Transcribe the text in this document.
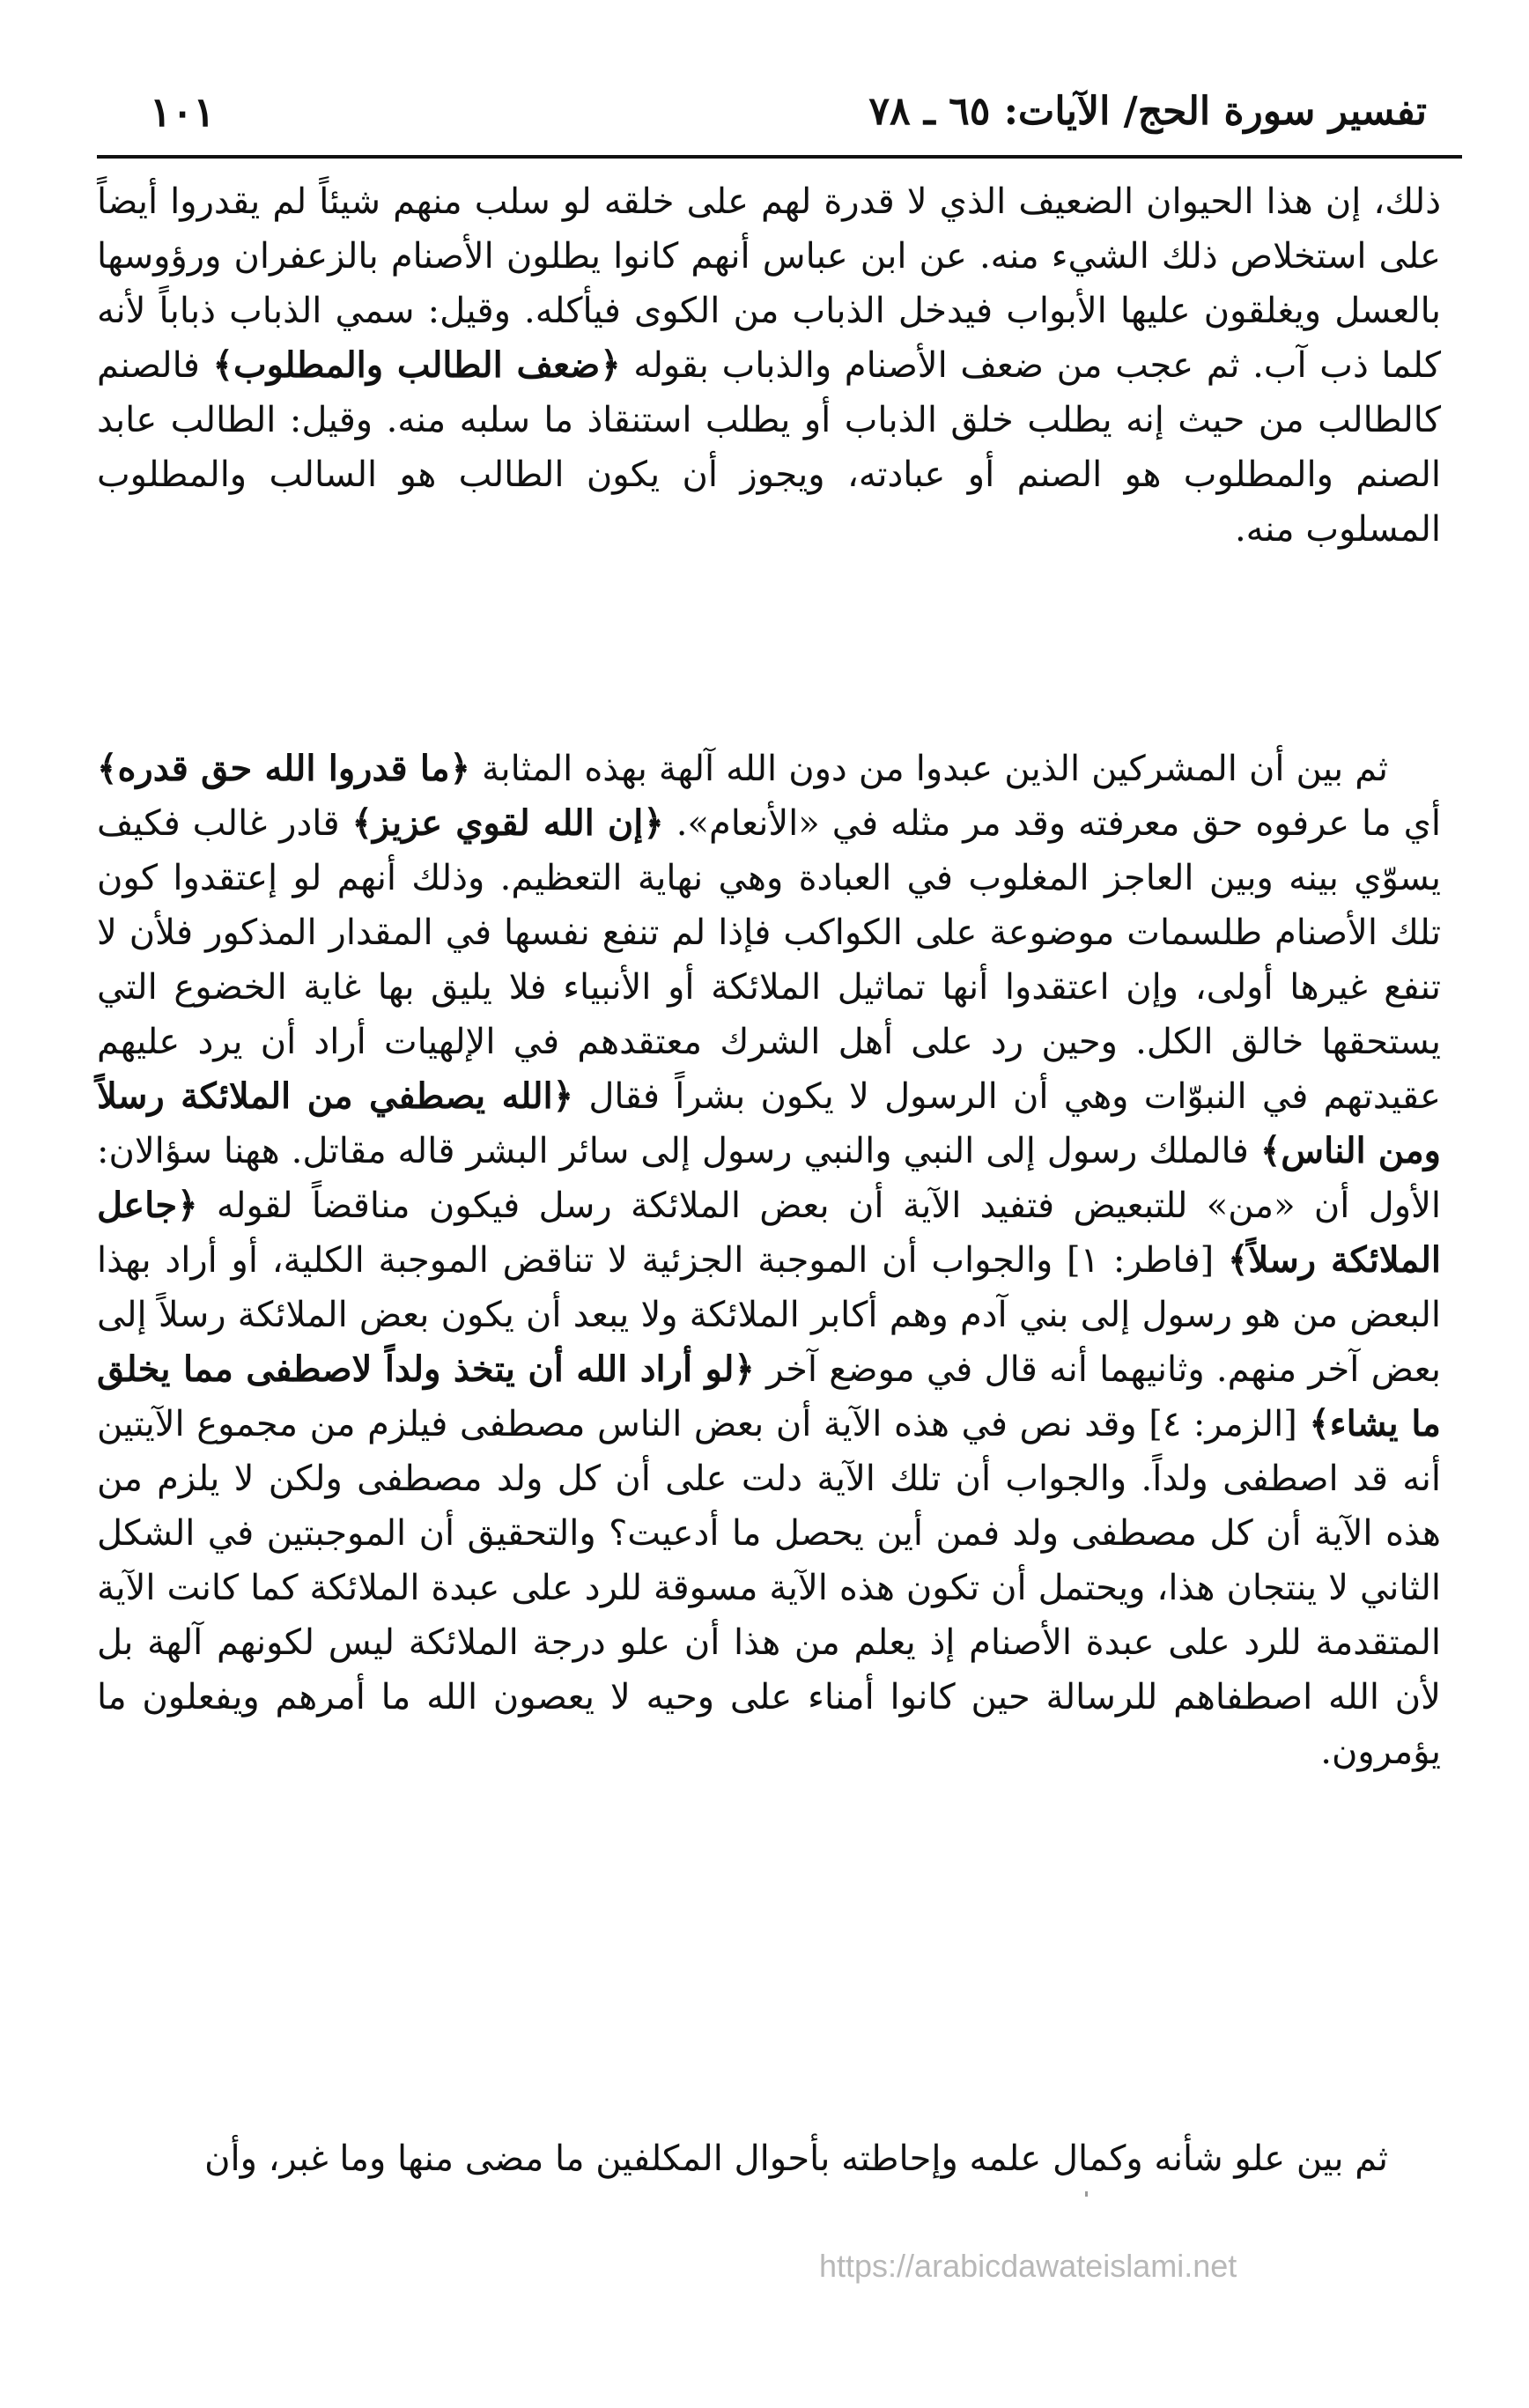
تفسير سورة الحج/ الآيات: ٦٥ ـ ٧٨
١٠١
ذلك، إن هذا الحيوان الضعيف الذي لا قدرة لهم على خلقه لو سلب منهم شيئاً لم يقدروا أيضاً على استخلاص ذلك الشيء منه. عن ابن عباس أنهم كانوا يطلون الأصنام بالزعفران ورؤوسها بالعسل ويغلقون عليها الأبواب فيدخل الذباب من الكوى فيأكله. وقيل: سمي الذباب ذباباً لأنه كلما ذب آب. ثم عجب من ضعف الأصنام والذباب بقوله ﴿ضعف الطالب والمطلوب﴾ فالصنم كالطالب من حيث إنه يطلب خلق الذباب أو يطلب استنقاذ ما سلبه منه. وقيل: الطالب عابد الصنم والمطلوب هو الصنم أو عبادته، ويجوز أن يكون الطالب هو السالب والمطلوب المسلوب منه.
ثم بين أن المشركين الذين عبدوا من دون الله آلهة بهذه المثابة ﴿ما قدروا الله حق قدره﴾ أي ما عرفوه حق معرفته وقد مر مثله في «الأنعام». ﴿إن الله لقوي عزيز﴾ قادر غالب فكيف يسوّي بينه وبين العاجز المغلوب في العبادة وهي نهاية التعظيم. وذلك أنهم لو إعتقدوا كون تلك الأصنام طلسمات موضوعة على الكواكب فإذا لم تنفع نفسها في المقدار المذكور فلأن لا تنفع غيرها أولى، وإن اعتقدوا أنها تماثيل الملائكة أو الأنبياء فلا يليق بها غاية الخضوع التي يستحقها خالق الكل. وحين رد على أهل الشرك معتقدهم في الإلهيات أراد أن يرد عليهم عقيدتهم في النبوّات وهي أن الرسول لا يكون بشراً فقال ﴿الله يصطفي من الملائكة رسلاً ومن الناس﴾ فالملك رسول إلى النبي والنبي رسول إلى سائر البشر قاله مقاتل. ههنا سؤالان: الأول أن «من» للتبعيض فتفيد الآية أن بعض الملائكة رسل فيكون مناقضاً لقوله ﴿جاعل الملائكة رسلاً﴾ [فاطر: ١] والجواب أن الموجبة الجزئية لا تناقض الموجبة الكلية، أو أراد بهذا البعض من هو رسول إلى بني آدم وهم أكابر الملائكة ولا يبعد أن يكون بعض الملائكة رسلاً إلى بعض آخر منهم. وثانيهما أنه قال في موضع آخر ﴿لو أراد الله أن يتخذ ولداً لاصطفى مما يخلق ما يشاء﴾ [الزمر: ٤] وقد نص في هذه الآية أن بعض الناس مصطفى فيلزم من مجموع الآيتين أنه قد اصطفى ولداً. والجواب أن تلك الآية دلت على أن كل ولد مصطفى ولكن لا يلزم من هذه الآية أن كل مصطفى ولد فمن أين يحصل ما أدعيت؟ والتحقيق أن الموجبتين في الشكل الثاني لا ينتجان هذا، ويحتمل أن تكون هذه الآية مسوقة للرد على عبدة الملائكة كما كانت الآية المتقدمة للرد على عبدة الأصنام إذ يعلم من هذا أن علو درجة الملائكة ليس لكونهم آلهة بل لأن الله اصطفاهم للرسالة حين كانوا أمناء على وحيه لا يعصون الله ما أمرهم ويفعلون ما يؤمرون.
ثم بين علو شأنه وكمال علمه وإحاطته بأحوال المكلفين ما مضى منها وما غبر، وأن
https://arabicdawateislami.net
